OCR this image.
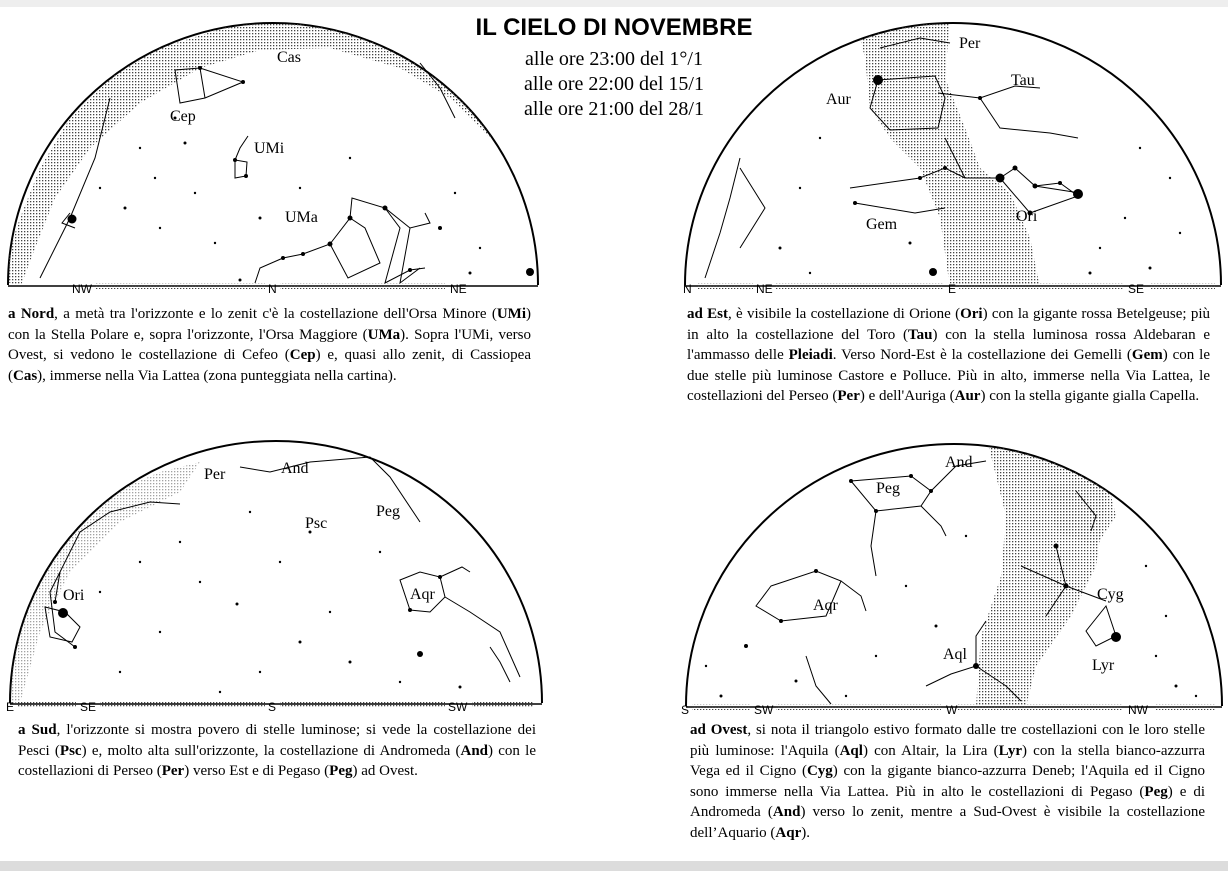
IL CIELO DI NOVEMBRE
alle ore 23:00 del 1°/1
alle ore 22:00 del 15/1
alle ore 21:00 del 28/1
Cas
Cep
UMi
UMa
NW	N	NE
Per
Tau
Aur
Gem	Ori
N	NE	E	SE
Per	And
Psc
Peg
Ori	Aqr
E	SE	S	SW
And
Peg
Aqr
Cyg
Aql
Lyr
S	SW	W	NW

a Nord, a metà tra l'orizzonte e lo zenit c'è la costellazione dell'Orsa Minore (UMi) con la Stella Polare e, sopra l'orizzonte, l'Orsa Maggiore (UMa). Sopra l'UMi, verso Ovest, si vedono le costellazione di Cefeo (Cep) e, quasi allo zenit, di Cassiopea (Cas), immerse nella Via Lattea (zona punteggiata nella cartina).

ad Est, è visibile la costellazione di Orione (Ori) con la gigante rossa Betelgeuse; più in alto la costellazione del Toro (Tau) con la stella luminosa rossa Aldebaran e l'ammasso delle Pleiadi. Verso Nord-Est è la costellazione dei Gemelli (Gem) con le due stelle più luminose Castore e Polluce. Più in alto, immerse nella Via Lattea, le costellazioni del Perseo (Per) e dell'Auriga (Aur) con la stella gigante gialla Capella.

a Sud, l'orizzonte si mostra povero di stelle luminose; si vede la costellazione dei Pesci (Psc) e, molto alta sull'orizzonte, la costellazione di Andromeda (And) con le costellazioni di Perseo (Per) verso Est e di Pegaso (Peg) ad Ovest.

ad Ovest, si nota il triangolo estivo formato dalle tre costellazioni con le loro stelle più luminose: l'Aquila (Aql) con Altair, la Lira (Lyr) con la stella bianco-azzurra Vega ed il Cigno (Cyg) con la gigante bianco-azzurra Deneb; l'Aquila ed il Cigno sono immerse nella Via Lattea. Più in alto le costellazioni di Pegaso (Peg) e di Andromeda (And) verso lo zenit, mentre a Sud-Ovest è visibile la costellazione dell’Aquario (Aqr).
